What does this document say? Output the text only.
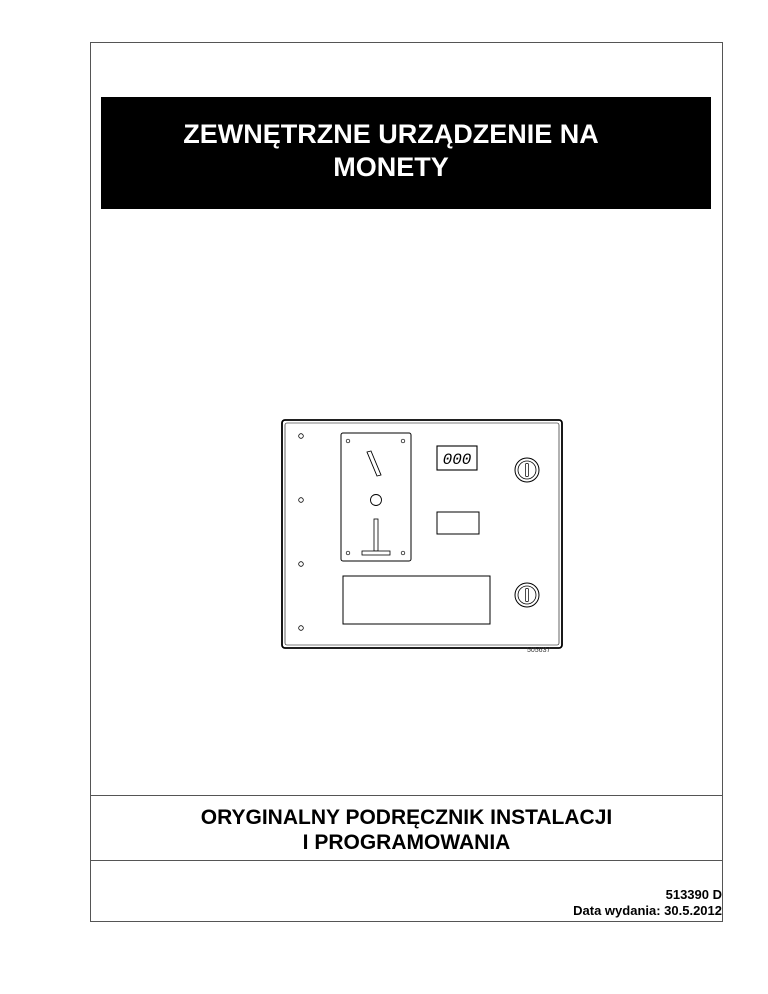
ZEWNĘTRZNE URZĄDZENIE NA
MONETY
000
505637
ORYGINALNY PODRĘCZNIK INSTALACJI
I PROGRAMOWANIA
513390 D
Data wydania: 30.5.2012
